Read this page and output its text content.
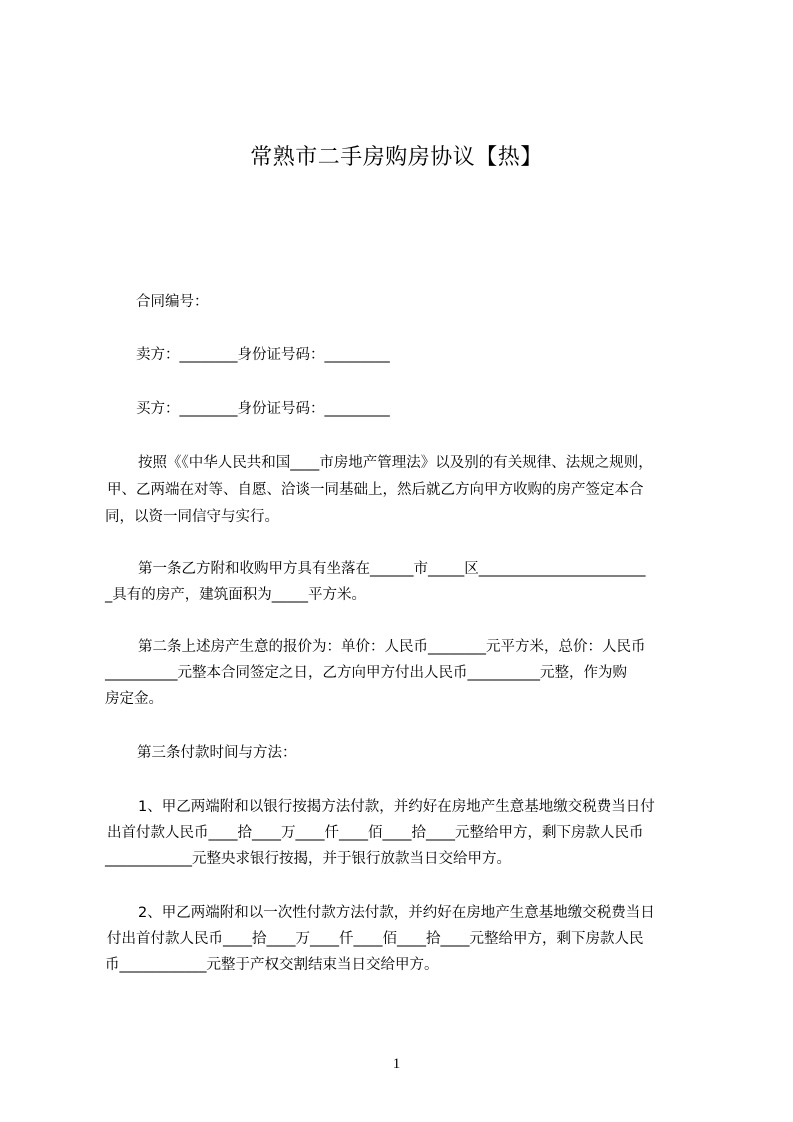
常熟市二手房购房协议【热】
合同编号：
卖方：________身份证号码：_________
买方：________身份证号码：_________
按照《《中华人民共和国____市房地产管理法》以及别的有关规律、法规之规则，
甲、乙两端在对等、自愿、洽谈一同基础上，然后就乙方向甲方收购的房产签定本合
同，以资一同信守与实行。
第一条乙方附和收购甲方具有坐落在______市_____区_______________________
_具有的房产，建筑面积为_____平方米。
第二条上述房产生意的报价为：单价：人民币________元平方米，总价：人民币
__________元整本合同签定之日，乙方向甲方付出人民币__________元整，作为购
房定金。
第三条付款时间与方法：
1、甲乙两端附和以银行按揭方法付款，并约好在房地产生意基地缴交税费当日付
出首付款人民币____拾____万____仟____佰____拾____元整给甲方，剩下房款人民币
____________元整央求银行按揭，并于银行放款当日交给甲方。
2、甲乙两端附和以一次性付款方法付款，并约好在房地产生意基地缴交税费当日
付出首付款人民币____拾____万____仟____佰____拾____元整给甲方，剩下房款人民
币____________元整于产权交割结束当日交给甲方。
1
